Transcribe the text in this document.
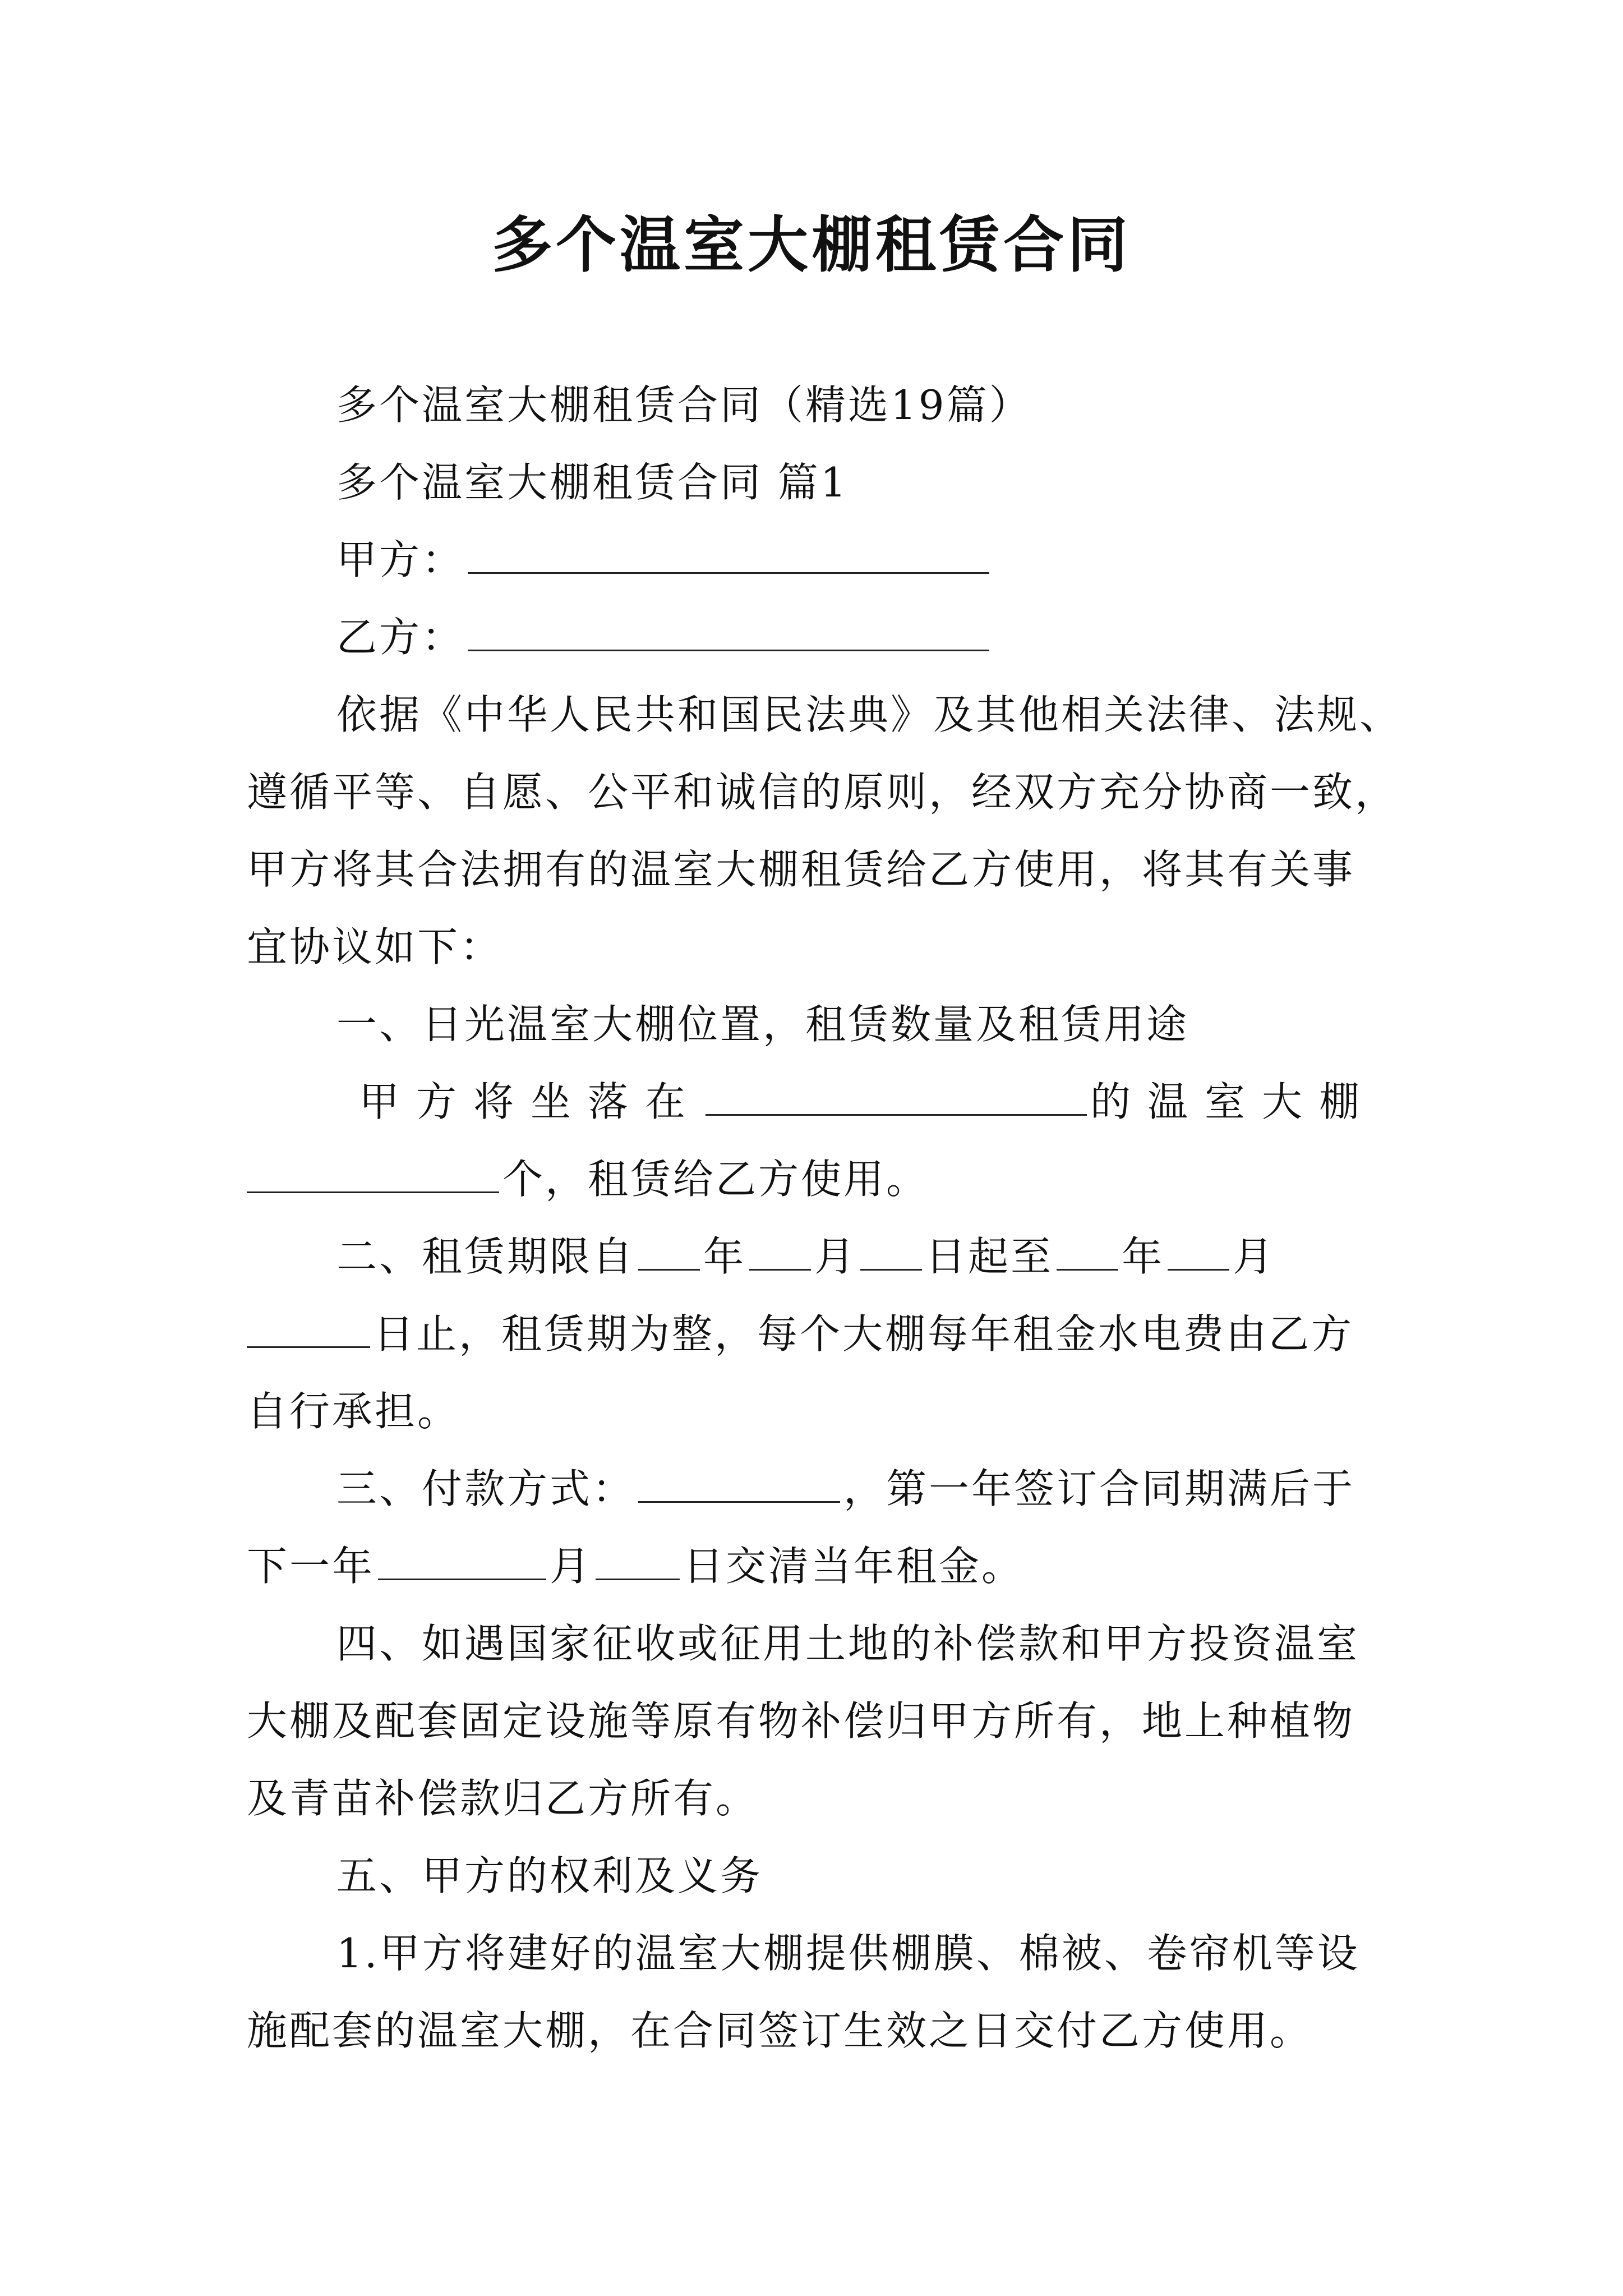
多个温室大棚租赁合同
多个温室大棚租赁合同（精选19篇）
多个温室大棚租赁合同 篇1
甲方：
乙方：
依据《中华人民共和国民法典》及其他相关法律、法规、
遵循平等、自愿、公平和诚信的原则，经双方充分协商一致，
甲方将其合法拥有的温室大棚租赁给乙方使用，将其有关事
宜协议如下：
一、日光温室大棚位置，租赁数量及租赁用途
甲方将坐落在	的温室大棚
个，租赁给乙方使用。
二、租赁期限自 年 月 日起至 年 月
日止，租赁期为整，每个大棚每年租金水电费由乙方
自行承担。
三、付款方式：	，第一年签订合同期满后于
下一年	月 日交清当年租金。
四、如遇国家征收或征用土地的补偿款和甲方投资温室
大棚及配套固定设施等原有物补偿归甲方所有，地上种植物
及青苗补偿款归乙方所有。
五、甲方的权利及义务
1.甲方将建好的温室大棚提供棚膜、棉被、卷帘机等设
施配套的温室大棚，在合同签订生效之日交付乙方使用。
